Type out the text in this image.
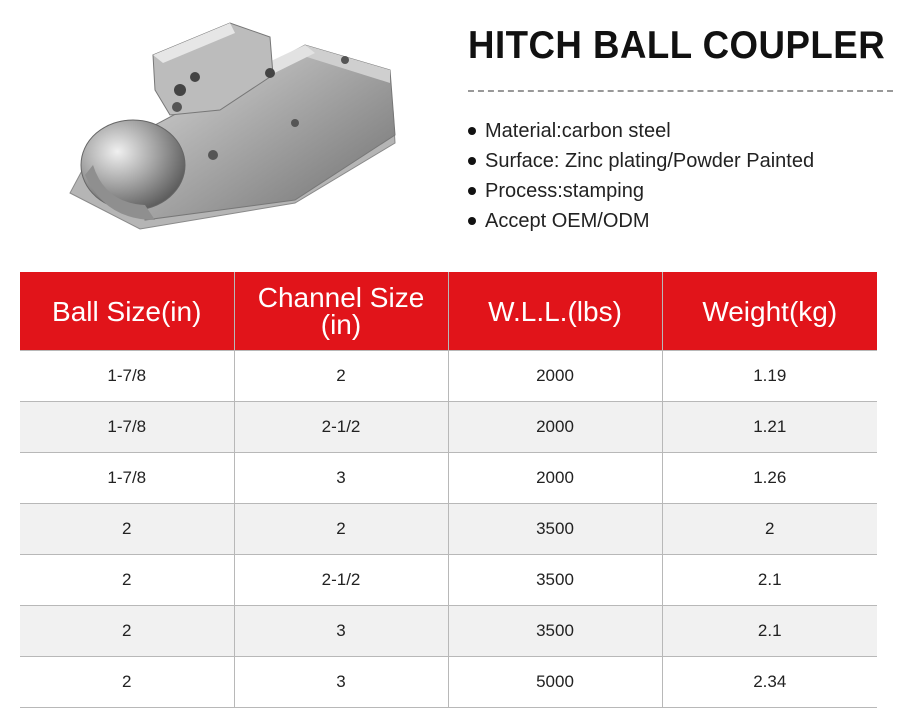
HITCH BALL COUPLER
Material:carbon steel
Surface: Zinc plating/Powder Painted
Process:stamping
Accept OEM/ODM
Ball Size(in)	Channel Size (in)	W.L.L.(lbs)	Weight(kg)
1-7/8	2	2000	1.19
1-7/8	2-1/2	2000	1.21
1-7/8	3	2000	1.26
2	2	3500	2
2	2-1/2	3500	2.1
2	3	3500	2.1
2	3	5000	2.34
